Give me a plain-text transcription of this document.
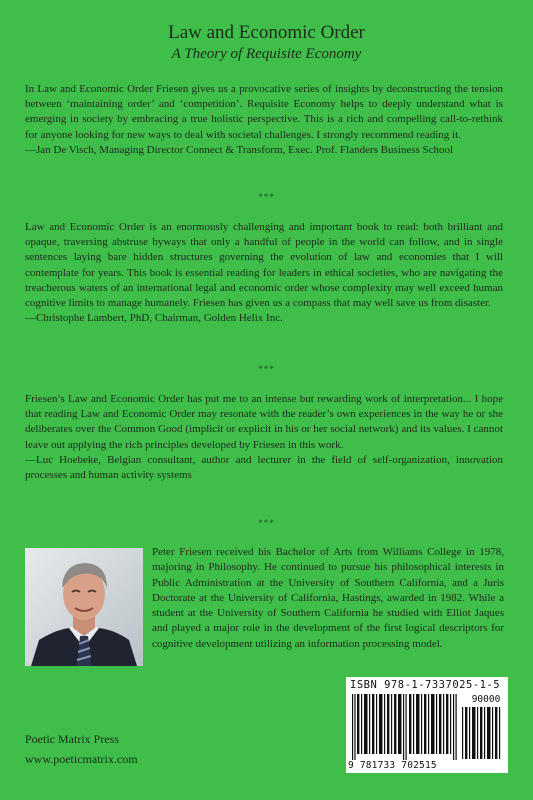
Law and Economic Order
A Theory of Requisite Economy

In Law and Economic Order Friesen gives us a provocative series of insights by deconstructing the tension between ‘maintaining order’ and ‘competition’. Requisite Economy helps to deeply understand what is emerging in society by embracing a true holistic perspective. This is a rich and compelling call-to-rethink for anyone looking for new ways to deal with societal challenges. I strongly recommend reading it.

—Jan De Visch, Managing Director Connect & Transform, Exec. Prof. Flanders Business School

***

Law and Economic Order is an enormously challenging and important book to read: both brilliant and opaque, traversing abstruse byways that only a handful of people in the world can follow, and in single sentences laying bare hidden structures governing the evolution of law and economies that I will contemplate for years. This book is essential reading for leaders in ethical societies, who are navigating the treacherous waters of an international legal and economic order whose complexity may well exceed human cognitive limits to manage humanely. Friesen has given us a compass that may well save us from disaster.

—Christophe Lambert, PhD, Chairman, Golden Helix Inc.

***

Friesen’s Law and Economic Order has put me to an intense but rewarding work of interpretation... I hope that reading Law and Economic Order may resonate with the reader’s own experiences in the way he or she deliberates over the Common Good (implicit or explicit in his or her social network) and its values. I cannot leave out applying the rich principles developed by Friesen in this work.

—Luc Hoebeke, Belgian consultant, author and lecturer in the field of self-organization, innovation processes and human activity systems

***
Peter Friesen received his Bachelor of Arts from Williams College in 1978, majoring in Philosophy. He continued to pursue his philosophical interests in Public Administration at the University of Southern California, and a Juris Doctorate at the University of California, Hastings, awarded in 1982. While a student at the University of Southern California he studied with Elliot Jaques and played a major role in the development of the first logical descriptors for cognitive development utilizing an information processing model.
ISBN 978-1-7337025-1-5
90000
9 781733 702515
Poetic Matrix Press
www.poeticmatrix.com
